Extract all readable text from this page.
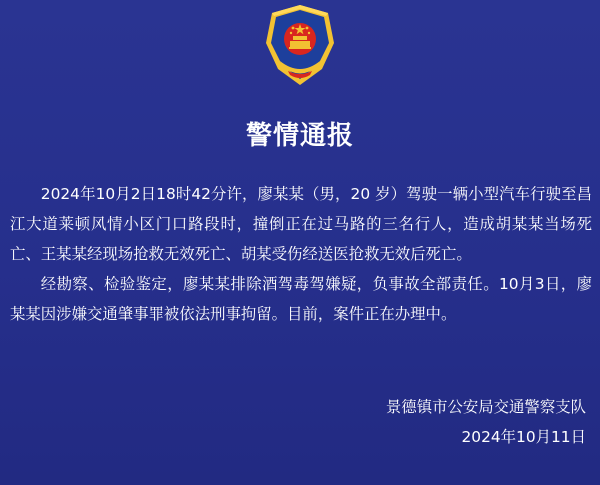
警情通报

2024年10月2日18时42分许，廖某某（男，20 岁）驾驶一辆小型汽车行驶至昌江大道莱顿风情小区门口路段时，撞倒正在过马路的三名行人，造成胡某某当场死亡、王某某经现场抢救无效死亡、胡某受伤经送医抢救无效后死亡。

经勘察、检验鉴定，廖某某排除酒驾毒驾嫌疑，负事故全部责任。10月3日，廖某某因涉嫌交通肇事罪被依法刑事拘留。目前，案件正在办理中。

景德镇市公安局交通警察支队
2024年10月11日
